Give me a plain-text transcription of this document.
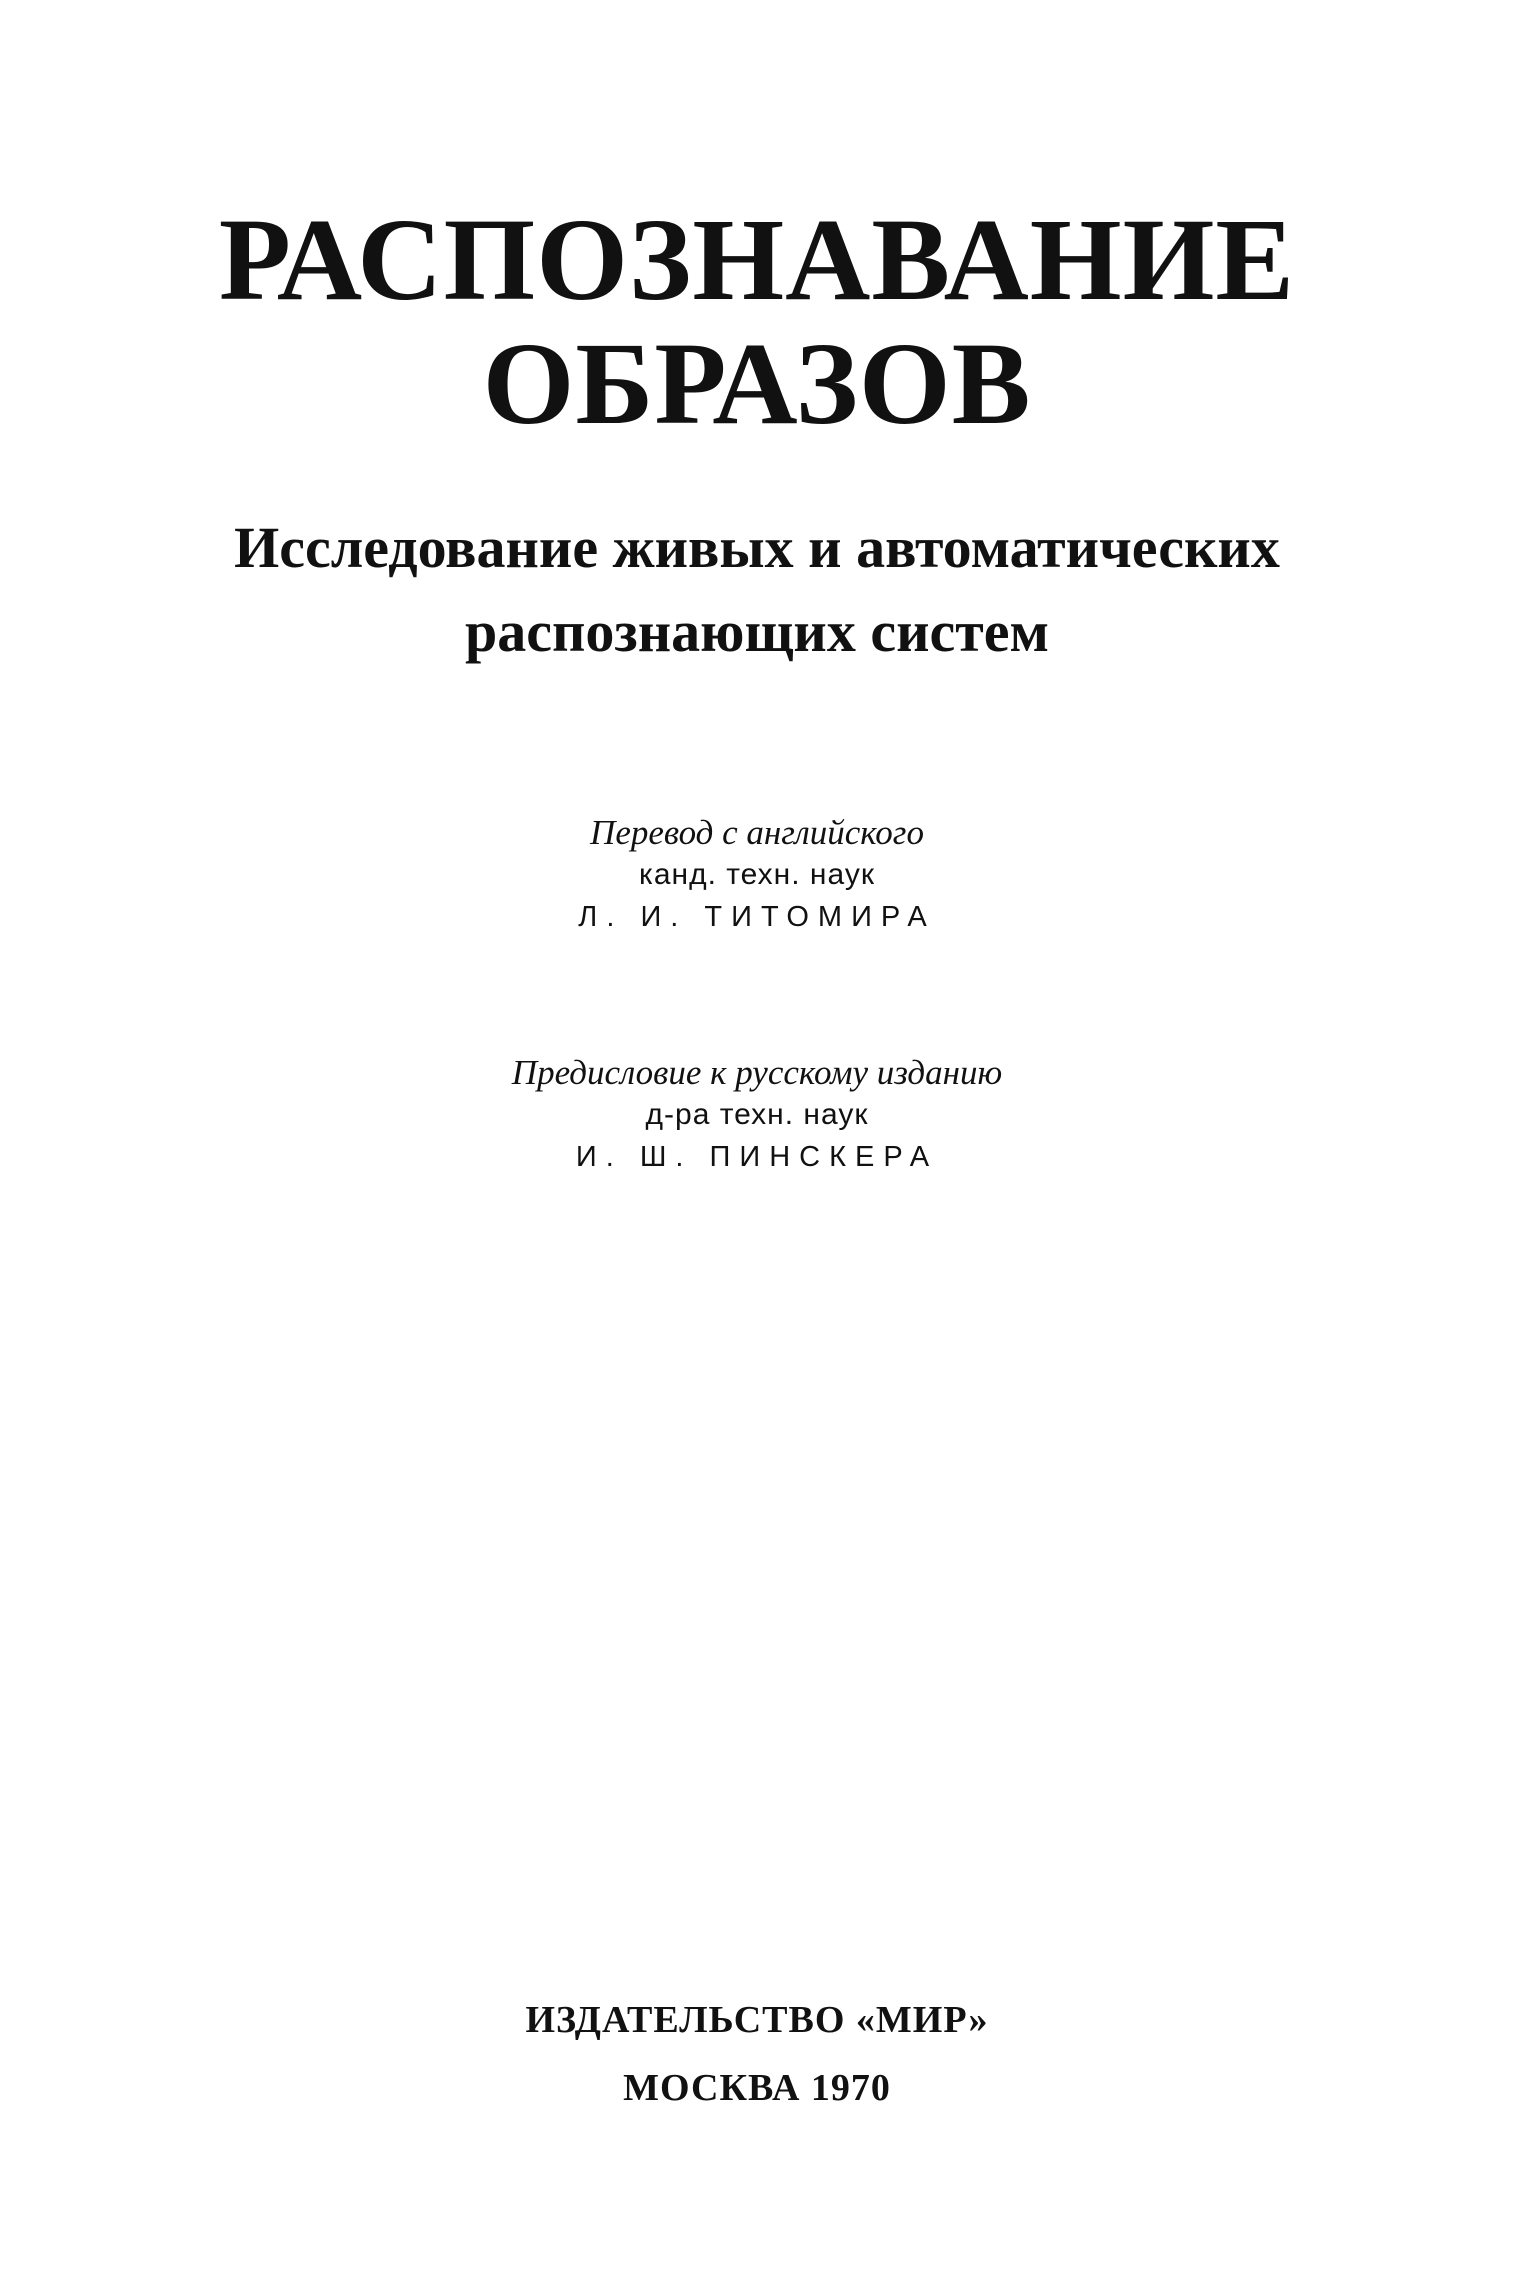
РАСПОЗНАВАНИЕ
ОБРАЗОВ
Исследование живых и автоматических
распознающих систем
Перевод с английского
канд. техн. наук
Л. И. ТИТОМИРА
Предисловие к русскому изданию
д-ра техн. наук
И. Ш. ПИНСКЕРА
ИЗДАТЕЛЬСТВО «МИР»
МОСКВА 1970
